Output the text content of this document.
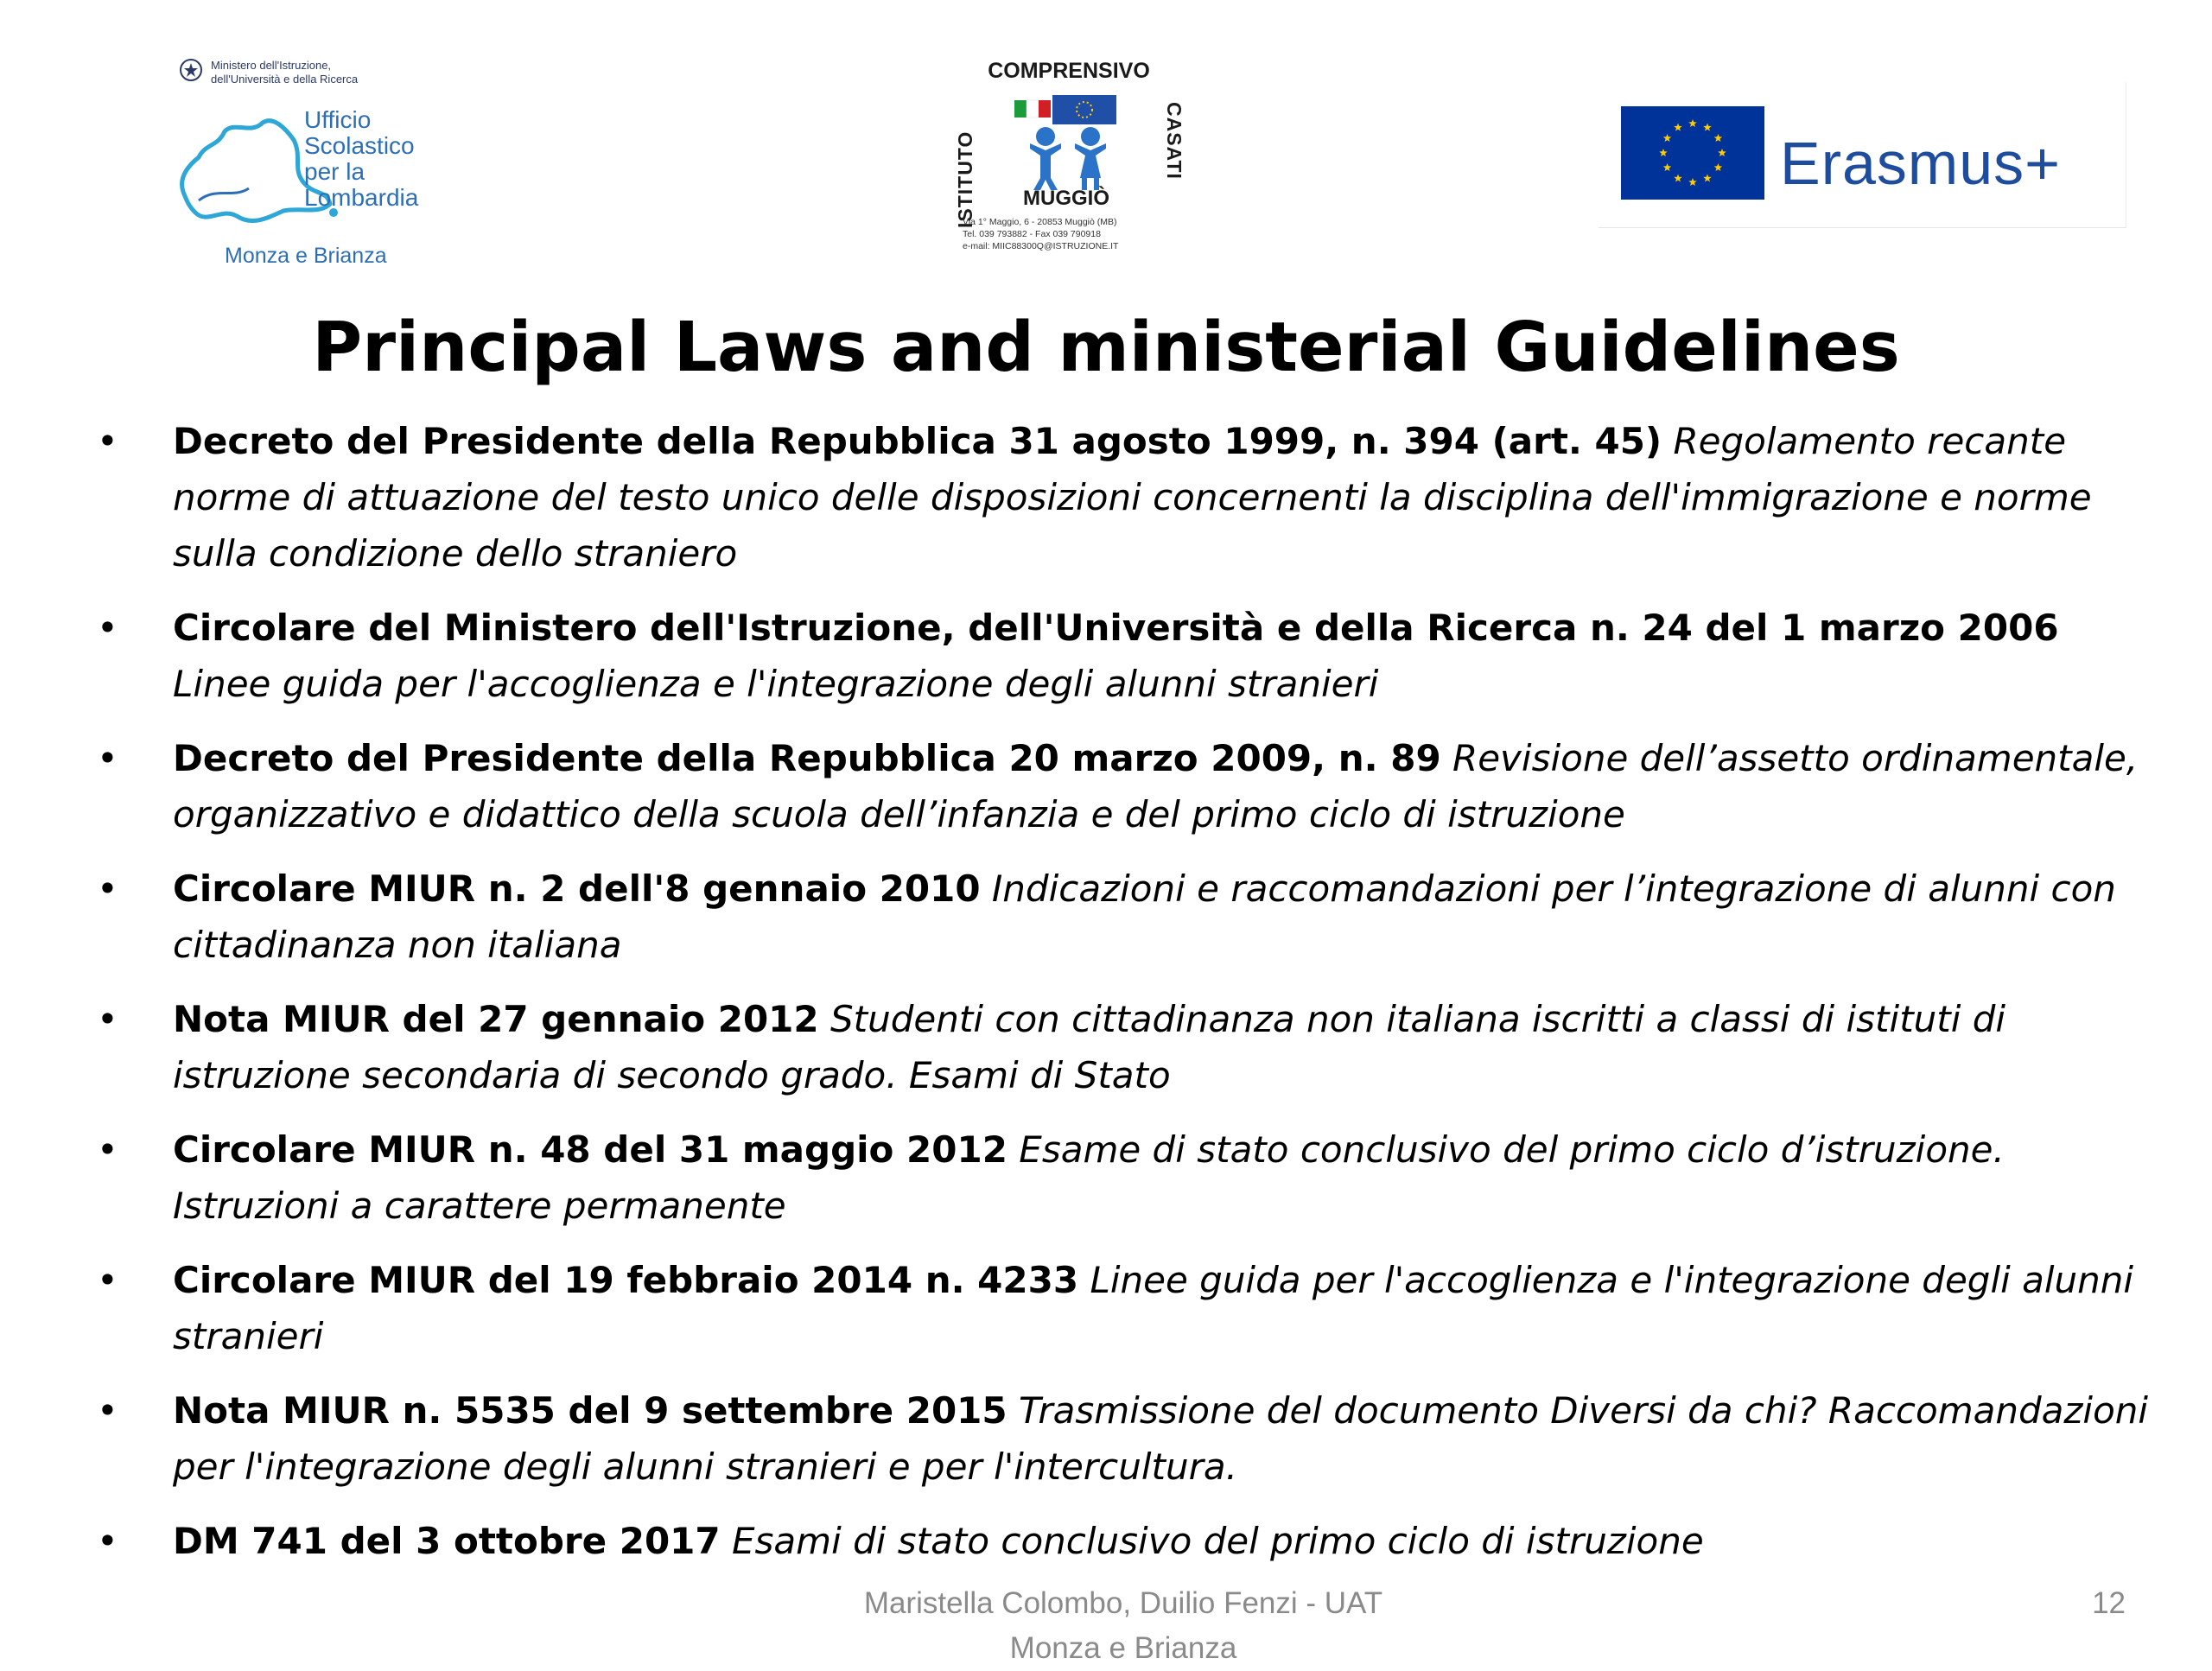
Ministero dell'Istruzione,
dell'Università e della Ricerca
Ufficio
Scolastico
per la
Lombardia
Monza e Brianza
COMPRENSIVO
ISTITUTO	CASATI
MUGGIÒ
Via 1° Maggio, 6 - 20853 Muggiò (MB)
Tel. 039 793882 - Fax 039 790918
e-mail: MIIC88300Q@ISTRUZIONE.IT
Erasmus+
Principal Laws and ministerial Guidelines
• Decreto del Presidente della Repubblica 31 agosto 1999, n. 394 (art. 45) Regolamento recante norme di attuazione del testo unico delle disposizioni concernenti la disciplina dell'immigrazione e norme sulla condizione dello straniero
• Circolare del Ministero dell'Istruzione, dell'Università e della Ricerca n. 24 del 1 marzo 2006  Linee guida per l'accoglienza e l'integrazione degli alunni stranieri
• Decreto del Presidente della Repubblica 20 marzo 2009, n. 89 Revisione dell’assetto ordinamentale, organizzativo e didattico della scuola dell’infanzia e del primo ciclo di istruzione
• Circolare MIUR n. 2 dell'8 gennaio 2010 Indicazioni e raccomandazioni per l’integrazione di alunni con cittadinanza non italiana
• Nota MIUR del 27 gennaio 2012 Studenti con cittadinanza non italiana iscritti a classi di istituti di istruzione secondaria di secondo grado. Esami di Stato
• Circolare MIUR n. 48 del 31 maggio 2012 Esame di stato conclusivo del primo ciclo d’istruzione. Istruzioni a carattere permanente
• Circolare MIUR del 19 febbraio 2014 n. 4233 Linee guida per l'accoglienza e l'integrazione degli alunni stranieri
• Nota MIUR n. 5535 del 9 settembre 2015 Trasmissione del documento Diversi da chi? Raccomandazioni per l'integrazione degli alunni stranieri e per l'intercultura.
• DM 741 del 3 ottobre 2017 Esami di stato conclusivo del primo ciclo di istruzione
Maristella Colombo, Duilio Fenzi - UAT
Monza e Brianza
12
